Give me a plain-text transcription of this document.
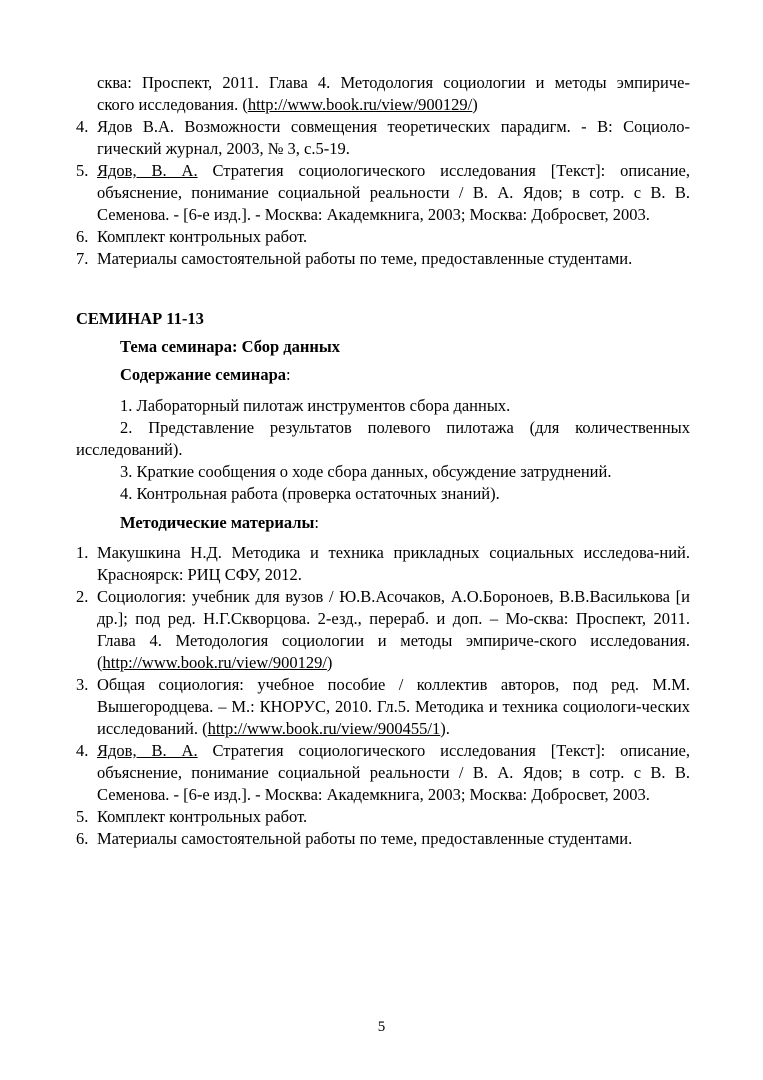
сква: Проспект, 2011. Глава 4. Методология социологии и методы эмпириче-
ского исследования. (http://www.book.ru/view/900129/)
4. Ядов В.А. Возможности совмещения теоретических парадигм. - В: Социоло-гический журнал, 2003, № 3, с.5-19.
5. Ядов, В. А. Стратегия социологического исследования [Текст]: описание, объяснение, понимание социальной реальности / В. А. Ядов; в сотр. с В. В. Семенова. - [6-е изд.]. - Москва: Академкнига, 2003; Москва: Добросвет, 2003.
6. Комплект контрольных работ.
7. Материалы самостоятельной работы по теме, предоставленные студентами.
СЕМИНАР 11-13
Тема семинара: Сбор данных
Содержание семинара:
1. Лабораторный пилотаж инструментов сбора данных.
2. Представление результатов полевого пилотажа (для количественных исследований).
3. Краткие сообщения о ходе сбора данных, обсуждение затруднений.
4. Контрольная работа (проверка остаточных знаний).
Методические материалы:
1. Макушкина Н.Д. Методика и техника прикладных социальных исследова-ний. Красноярск: РИЦ СФУ, 2012.
2. Социология: учебник для вузов / Ю.В.Асочаков, А.О.Бороноев, В.В.Василькова [и др.]; под ред. Н.Г.Скворцова. 2-езд., перераб. и доп. – Мо-сква: Проспект, 2011. Глава 4. Методология социологии и методы эмпириче-ского исследования. (http://www.book.ru/view/900129/)
3. Общая социология: учебное пособие / коллектив авторов, под ред. М.М. Вышегородцева. – М.: КНОРУС, 2010. Гл.5. Методика и техника социологи-ческих исследований. (http://www.book.ru/view/900455/1).
4. Ядов, В. А. Стратегия социологического исследования [Текст]: описание, объяснение, понимание социальной реальности / В. А. Ядов; в сотр. с В. В. Семенова. - [6-е изд.]. - Москва: Академкнига, 2003; Москва: Добросвет, 2003.
5. Комплект контрольных работ.
6. Материалы самостоятельной работы по теме, предоставленные студентами.
5
